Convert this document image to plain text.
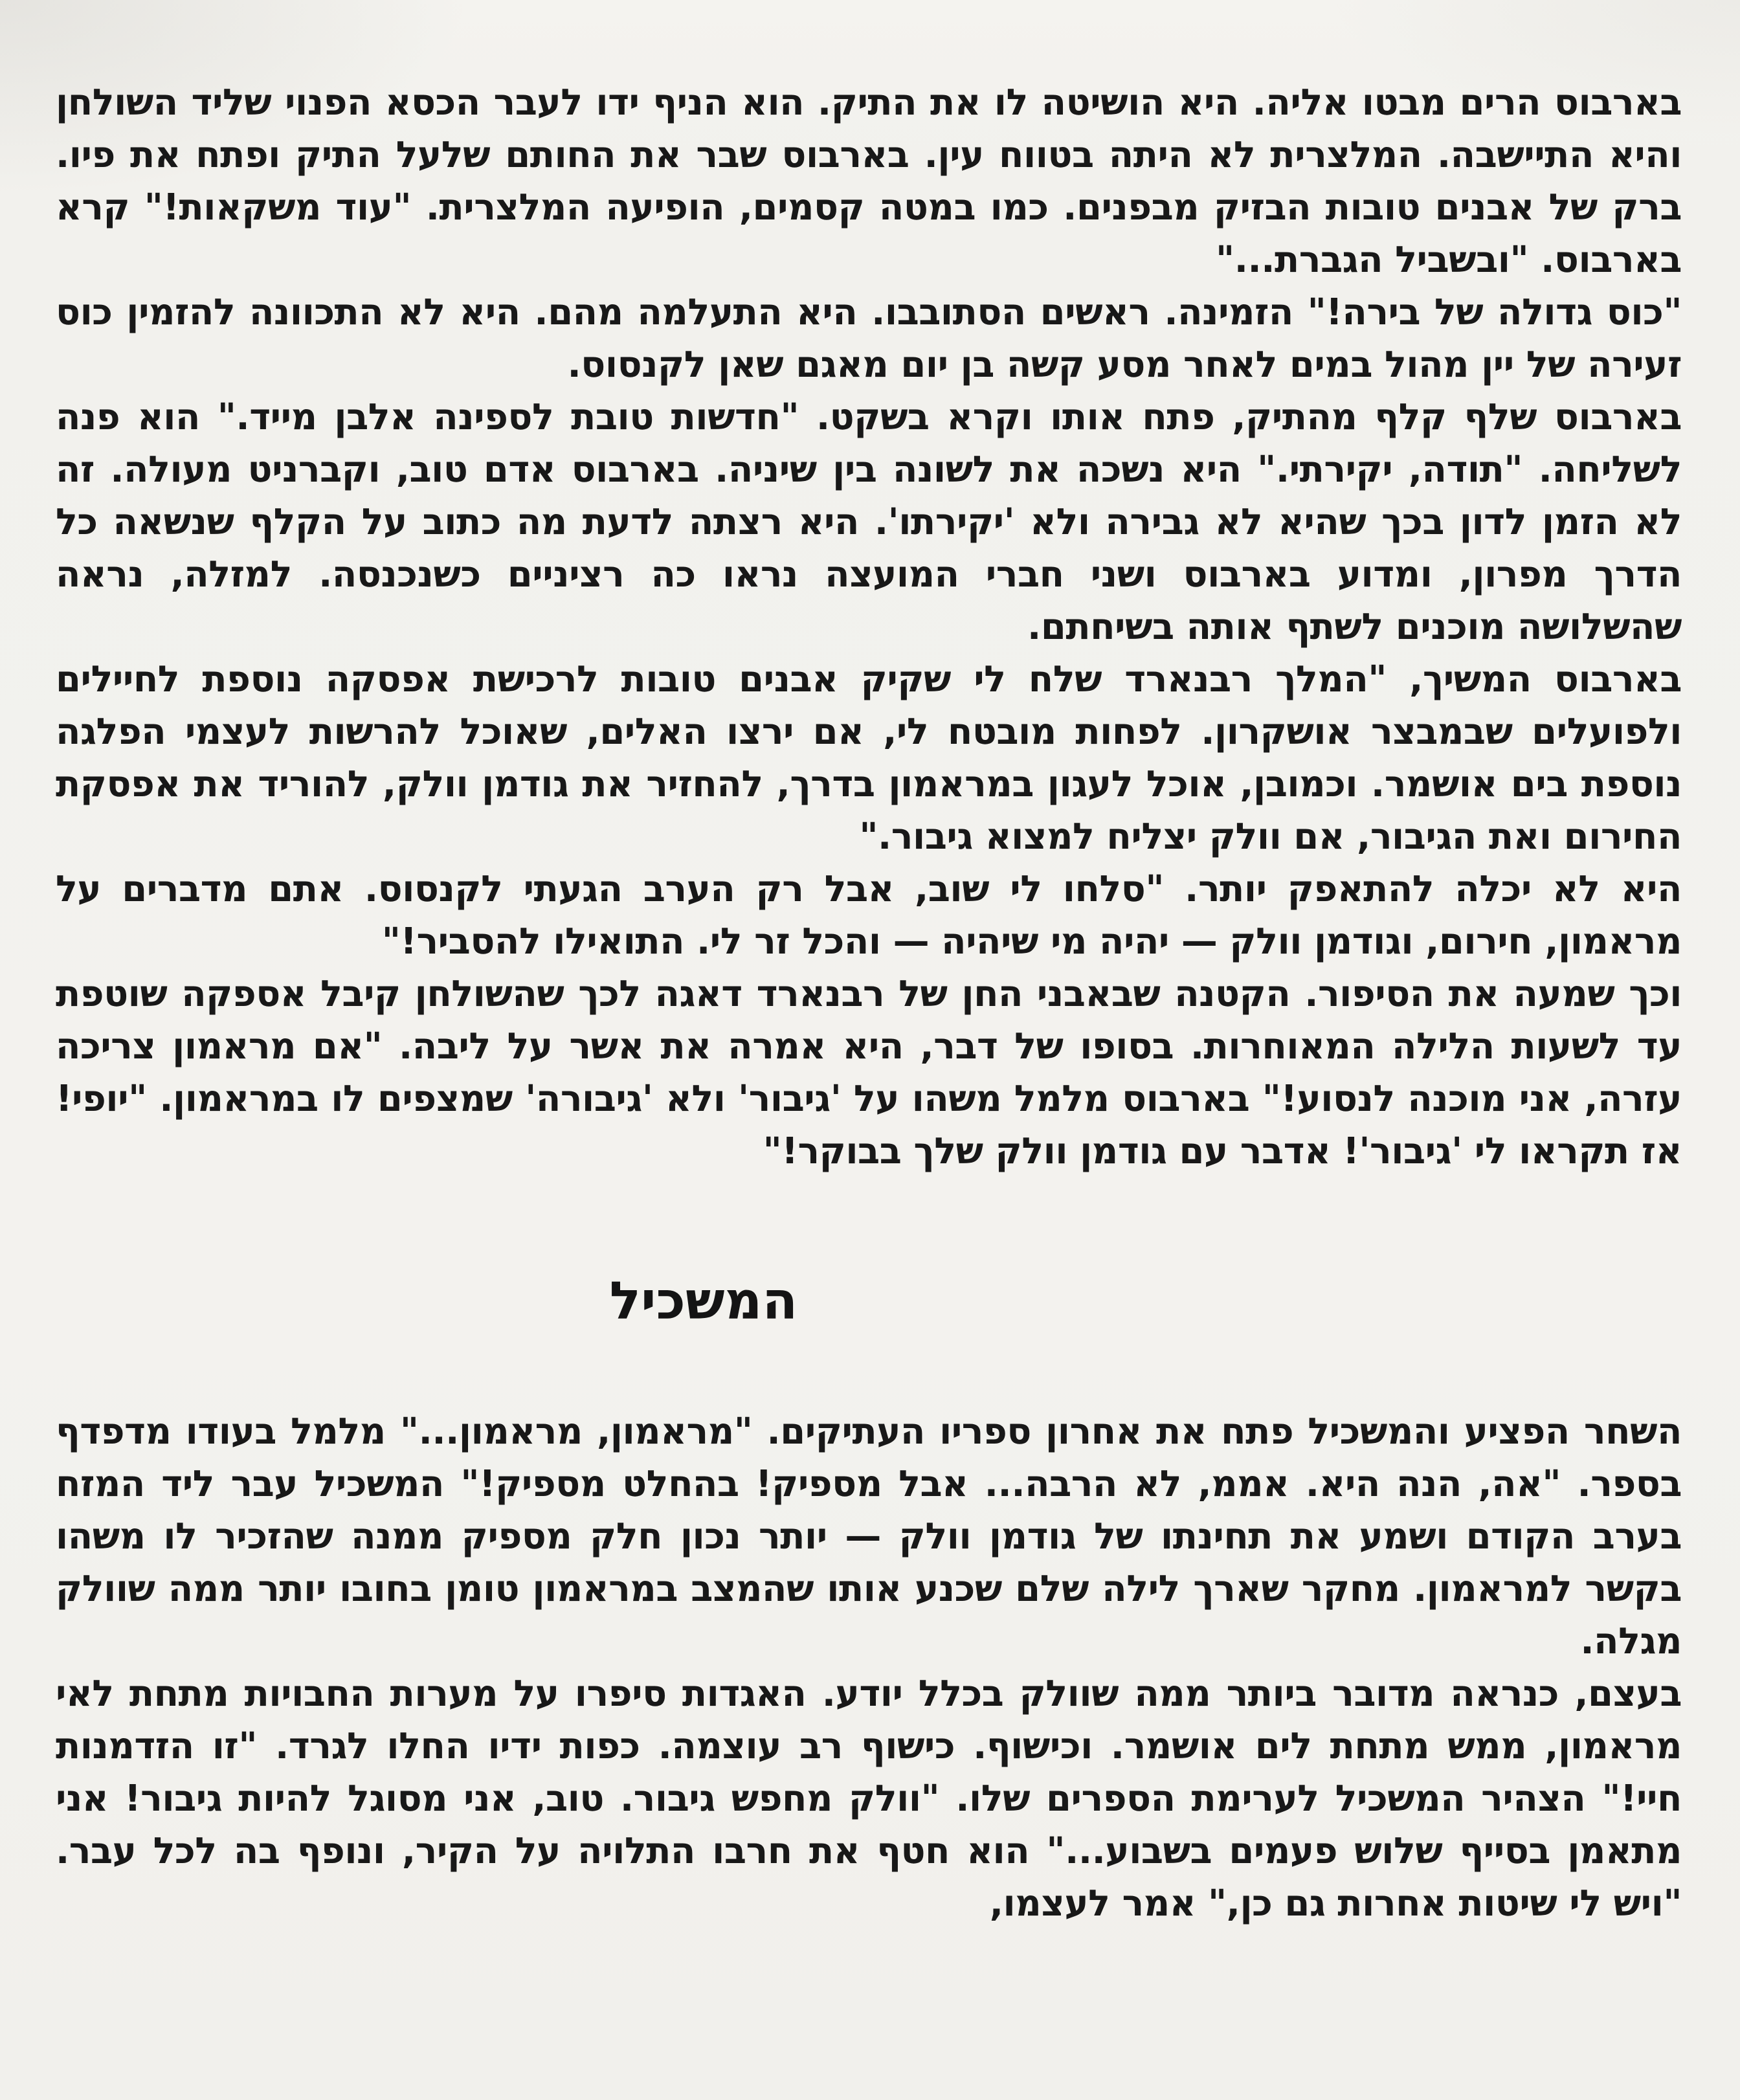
בארבוס הרים מבטו אליה. היא הושיטה לו את התיק. הוא הניף ידו לעבר הכסא הפנוי שליד השולחן והיא התיישבה. המלצרית לא היתה בטווח עין. בארבוס שבר את החותם שלעל התיק ופתח את פיו. ברק של אבנים טובות הבזיק מבפנים. כמו במטה קסמים, הופיעה המלצרית. "עוד משקאות!" קרא בארבוס. "ובשביל הגברת..."

"כוס גדולה של בירה!" הזמינה. ראשים הסתובבו. היא התעלמה מהם. היא לא התכוונה להזמין כוס זעירה של יין מהול במים לאחר מסע קשה בן יום מאגם שאן לקנסוס.

בארבוס שלף קלף מהתיק, פתח אותו וקרא בשקט. "חדשות טובת לספינה אלבן מייד." הוא פנה לשליחה. "תודה, יקירתי." היא נשכה את לשונה בין שיניה. בארבוס אדם טוב, וקברניט מעולה. זה לא הזמן לדון בכך שהיא לא גבירה ולא 'יקירתו'. היא רצתה לדעת מה כתוב על הקלף שנשאה כל הדרך מפרון, ומדוע בארבוס ושני חברי המועצה נראו כה רציניים כשנכנסה. למזלה, נראה שהשלושה מוכנים לשתף אותה בשיחתם.

בארבוס המשיך, "המלך רבנארד שלח לי שקיק אבנים טובות לרכישת אפסקה נוספת לחיילים ולפועלים שבמבצר אושקרון. לפחות מובטח לי, אם ירצו האלים, שאוכל להרשות לעצמי הפלגה נוספת בים אושמר. וכמובן, אוכל לעגון במראמון בדרך, להחזיר את גודמן וולק, להוריד את אפסקת החירום ואת הגיבור, אם וולק יצליח למצוא גיבור."

היא לא יכלה להתאפק יותר. "סלחו לי שוב, אבל רק הערב הגעתי לקנסוס. אתם מדברים על מראמון, חירום, וגודמן וולק — יהיה מי שיהיה — והכל זר לי. התואילו להסביר!"

וכך שמעה את הסיפור. הקטנה שבאבני החן של רבנארד דאגה לכך שהשולחן קיבל אספקה שוטפת עד לשעות הלילה המאוחרות. בסופו של דבר, היא אמרה את אשר על ליבה. "אם מראמון צריכה עזרה, אני מוכנה לנסוע!" בארבוס מלמל משהו על 'גיבור' ולא 'גיבורה' שמצפים לו במראמון. "יופי! אז תקראו לי 'גיבור'! אדבר עם גודמן וולק שלך בבוקר!"

המשכיל

השחר הפציע והמשכיל פתח את אחרון ספריו העתיקים. "מראמון, מראמון..." מלמל בעודו מדפדף בספר. "אה, הנה היא. אממ, לא הרבה... אבל מספיק! בהחלט מספיק!" המשכיל עבר ליד המזח בערב הקודם ושמע את תחינתו של גודמן וולק — יותר נכון חלק מספיק ממנה שהזכיר לו משהו בקשר למראמון. מחקר שארך לילה שלם שכנע אותו שהמצב במראמון טומן בחובו יותר ממה שוולק מגלה.

בעצם, כנראה מדובר ביותר ממה שוולק בכלל יודע. האגדות סיפרו על מערות החבויות מתחת לאי מראמון, ממש מתחת לים אושמר. וכישוף. כישוף רב עוצמה. כפות ידיו החלו לגרד. "זו הזדמנות חיי!" הצהיר המשכיל לערימת הספרים שלו. "וולק מחפש גיבור. טוב, אני מסוגל להיות גיבור! אני מתאמן בסייף שלוש פעמים בשבוע..." הוא חטף את חרבו התלויה על הקיר, ונופף בה לכל עבר. "ויש לי שיטות אחרות גם כן," אמר לעצמו,
